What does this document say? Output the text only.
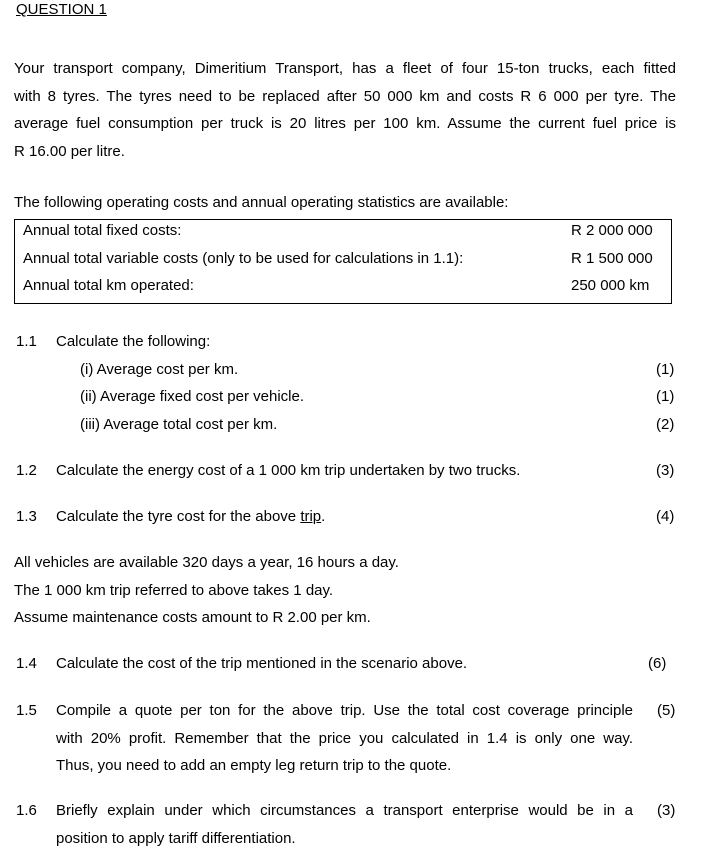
QUESTION 1
Your transport company, Dimeritium Transport, has a fleet of four 15-ton trucks, each fitted
with 8 tyres. The tyres need to be replaced after 50 000 km and costs R 6 000 per tyre. The
average fuel consumption per truck is 20 litres per 100 km. Assume the current fuel price is
R 16.00 per litre.
The following operating costs and annual operating statistics are available:
Annual total fixed costs:	R 2 000 000
Annual total variable costs (only to be used for calculations in 1.1):	R 1 500 000
Annual total km operated:	250 000 km
1.1 Calculate the following:
(i) Average cost per km.	(1)
(ii) Average fixed cost per vehicle.	(1)
(iii) Average total cost per km.	(2)
1.2 Calculate the energy cost of a 1 000 km trip undertaken by two trucks.	(3)
1.3 Calculate the tyre cost for the above trip.	(4)
All vehicles are available 320 days a year, 16 hours a day.
The 1 000 km trip referred to above takes 1 day.
Assume maintenance costs amount to R 2.00 per km.
1.4 Calculate the cost of the trip mentioned in the scenario above.	(6)
1.5 Compile a quote per ton for the above trip. Use the total cost coverage principle
with 20% profit. Remember that the price you calculated in 1.4 is only one way.
Thus, you need to add an empty leg return trip to the quote.
(5)
1.6 Briefly explain under which circumstances a transport enterprise would be in a
position to apply tariff differentiation.
(3)
